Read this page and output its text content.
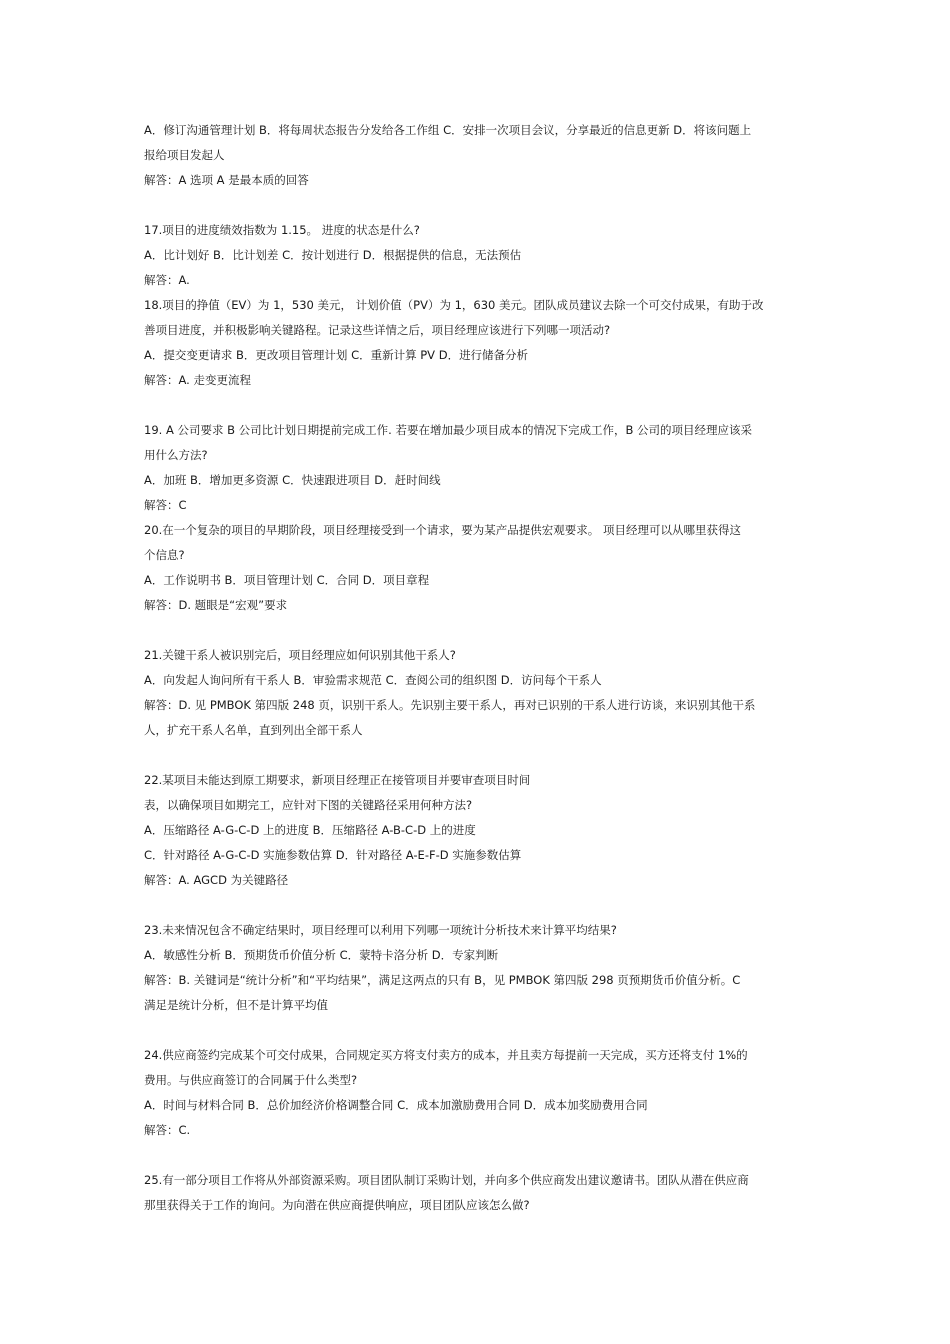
A．修订沟通管理计划 B．将每周状态报告分发给各工作组 C．安排一次项目会议，分享最近的信息更新 D．将该问题上
报给项目发起人
解答：A 选项 A 是最本质的回答
17.项目的进度绩效指数为 1.15。 进度的状态是什么?
A．比计划好 B．比计划差 C．按计划进行 D．根据提供的信息，无法预估
解答：A.
18.项目的挣值（EV）为 1，530 美元， 计划价值（PV）为 1，630 美元。团队成员建议去除一个可交付成果，有助于改
善项目进度，并积极影响关键路程。记录这些详情之后，项目经理应该进行下列哪一项活动?
A．提交变更请求 B．更改项目管理计划 C．重新计算 PV D．进行储备分析
解答：A. 走变更流程
19. A 公司要求 B 公司比计划日期提前完成工作. 若要在增加最少项目成本的情况下完成工作，B 公司的项目经理应该采
用什么方法?
A．加班 B．增加更多资源 C．快速跟进项目 D．赶时间线
解答：C
20.在一个复杂的项目的早期阶段，项目经理接受到一个请求，要为某产品提供宏观要求。 项目经理可以从哪里获得这
个信息?
A．工作说明书 B．项目管理计划 C．合同 D．项目章程
解答：D. 题眼是“宏观”要求
21.关键干系人被识别完后，项目经理应如何识别其他干系人?
A．向发起人询问所有干系人 B．审验需求规范 C．查阅公司的组织图 D．访问每个干系人
解答：D. 见 PMBOK 第四版 248 页，识别干系人。先识别主要干系人，再对已识别的干系人进行访谈，来识别其他干系
人，扩充干系人名单，直到列出全部干系人
22.某项目未能达到原工期要求，新项目经理正在接管项目并要审查项目时间
表，以确保项目如期完工，应针对下图的关键路径采用何种方法?
A．压缩路径 A-G-C-D 上的进度 B．压缩路径 A-B-C-D 上的进度
C．针对路径 A-G-C-D 实施参数估算 D．针对路径 A-E-F-D 实施参数估算
解答：A. AGCD 为关键路径
23.未来情况包含不确定结果时，项目经理可以利用下列哪一项统计分析技术来计算平均结果?
A．敏感性分析 B．预期货币价值分析 C．蒙特卡洛分析 D．专家判断
解答：B. 关键词是“统计分析”和“平均结果”，满足这两点的只有 B，见 PMBOK 第四版 298 页预期货币价值分析。C
满足是统计分析，但不是计算平均值
24.供应商签约完成某个可交付成果，合同规定买方将支付卖方的成本，并且卖方每提前一天完成，买方还将支付 1%的
费用。与供应商签订的合同属于什么类型?
A．时间与材料合同 B．总价加经济价格调整合同 C．成本加激励费用合同 D．成本加奖励费用合同
解答：C.
25.有一部分项目工作将从外部资源采购。项目团队制订采购计划，并向多个供应商发出建议邀请书。团队从潜在供应商
那里获得关于工作的询问。为向潜在供应商提供响应，项目团队应该怎么做?
